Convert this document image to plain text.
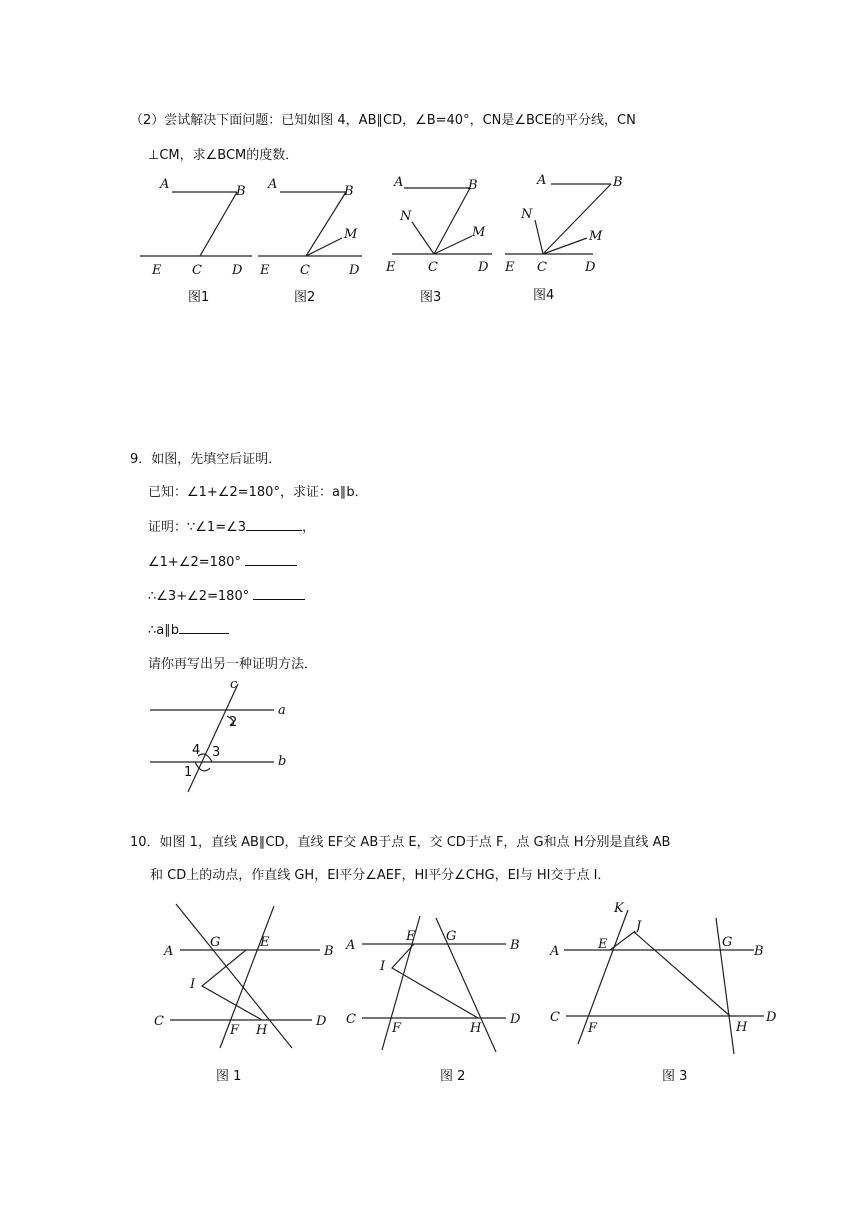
（2）尝试解决下面问题：已知如图 4，AB∥CD，∠B=40°，CN是∠BCE的平分线，CN
⊥CM，求∠BCM的度数．
A	B
E C D
图1
A	B
M
E C	D
图2
A	B
N
M
E	C	D
图3
A	B
N
M
E C	D
图4
9．如图，先填空后证明．
已知：∠1+∠2=180°，求证：a∥b．
证明：∵∠1=∠3	，
∠1+∠2=180°
∴∠3+∠2=180°
∴a∥b
请你再写出另一种证明方法．
c
a
b
2
4 3
1
10．如图 1，直线 AB∥CD，直线 EF交 AB于点 E，交 CD于点 F，点 G和点 H分别是直线 AB
和 CD上的动点，作直线 GH，EI平分∠AEF，HI平分∠CHG，EI与 HI交于点 I．
A	B
G	E
I
C
F H
D
图 1
A	B
E G
I
C
F	H
D
图 2
A	B
K
J
E	G
C
F	H
D
图 3
